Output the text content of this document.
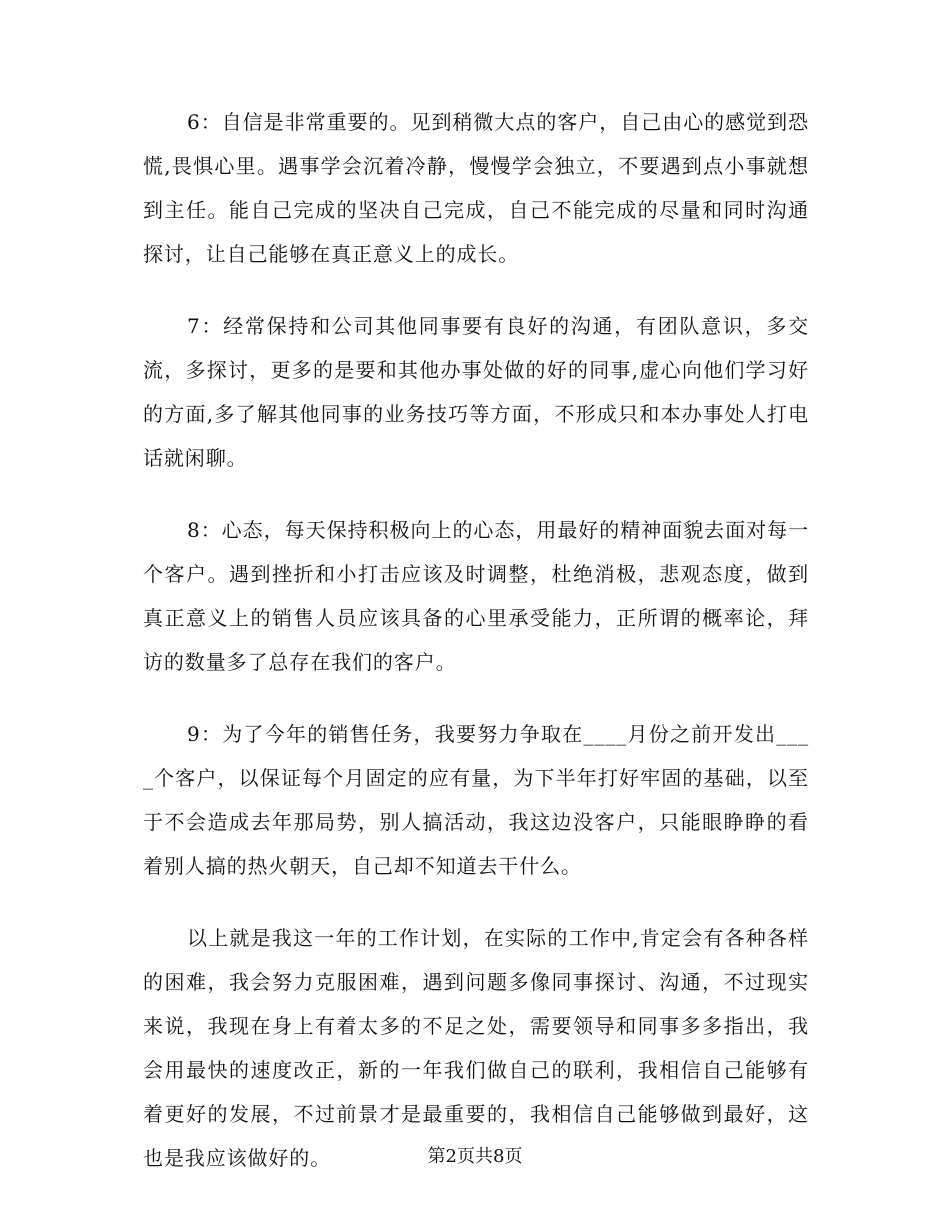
6：自信是非常重要的。见到稍微大点的客户，自己由心的感觉到恐慌,畏惧心里。遇事学会沉着冷静，慢慢学会独立，不要遇到点小事就想到主任。能自己完成的坚决自己完成，自己不能完成的尽量和同时沟通探讨，让自己能够在真正意义上的成长。

7：经常保持和公司其他同事要有良好的沟通，有团队意识，多交流，多探讨，更多的是要和其他办事处做的好的同事,虚心向他们学习好的方面,多了解其他同事的业务技巧等方面，不形成只和本办事处人打电话就闲聊。

8：心态，每天保持积极向上的心态，用最好的精神面貌去面对每一个客户。遇到挫折和小打击应该及时调整，杜绝消极，悲观态度，做到真正意义上的销售人员应该具备的心里承受能力，正所谓的概率论，拜访的数量多了总存在我们的客户。

9：为了今年的销售任务，我要努力争取在____月份之前开发出____个客户，以保证每个月固定的应有量，为下半年打好牢固的基础，以至于不会造成去年那局势，别人搞活动，我这边没客户，只能眼睁睁的看着别人搞的热火朝天，自己却不知道去干什么。

以上就是我这一年的工作计划，在实际的工作中,肯定会有各种各样的困难，我会努力克服困难，遇到问题多像同事探讨、沟通，不过现实来说，我现在身上有着太多的不足之处，需要领导和同事多多指出，我会用最快的速度改正，新的一年我们做自己的联利，我相信自己能够有着更好的发展，不过前景才是最重要的，我相信自己能够做到最好，这也是我应该做好的。	第2页共8页
